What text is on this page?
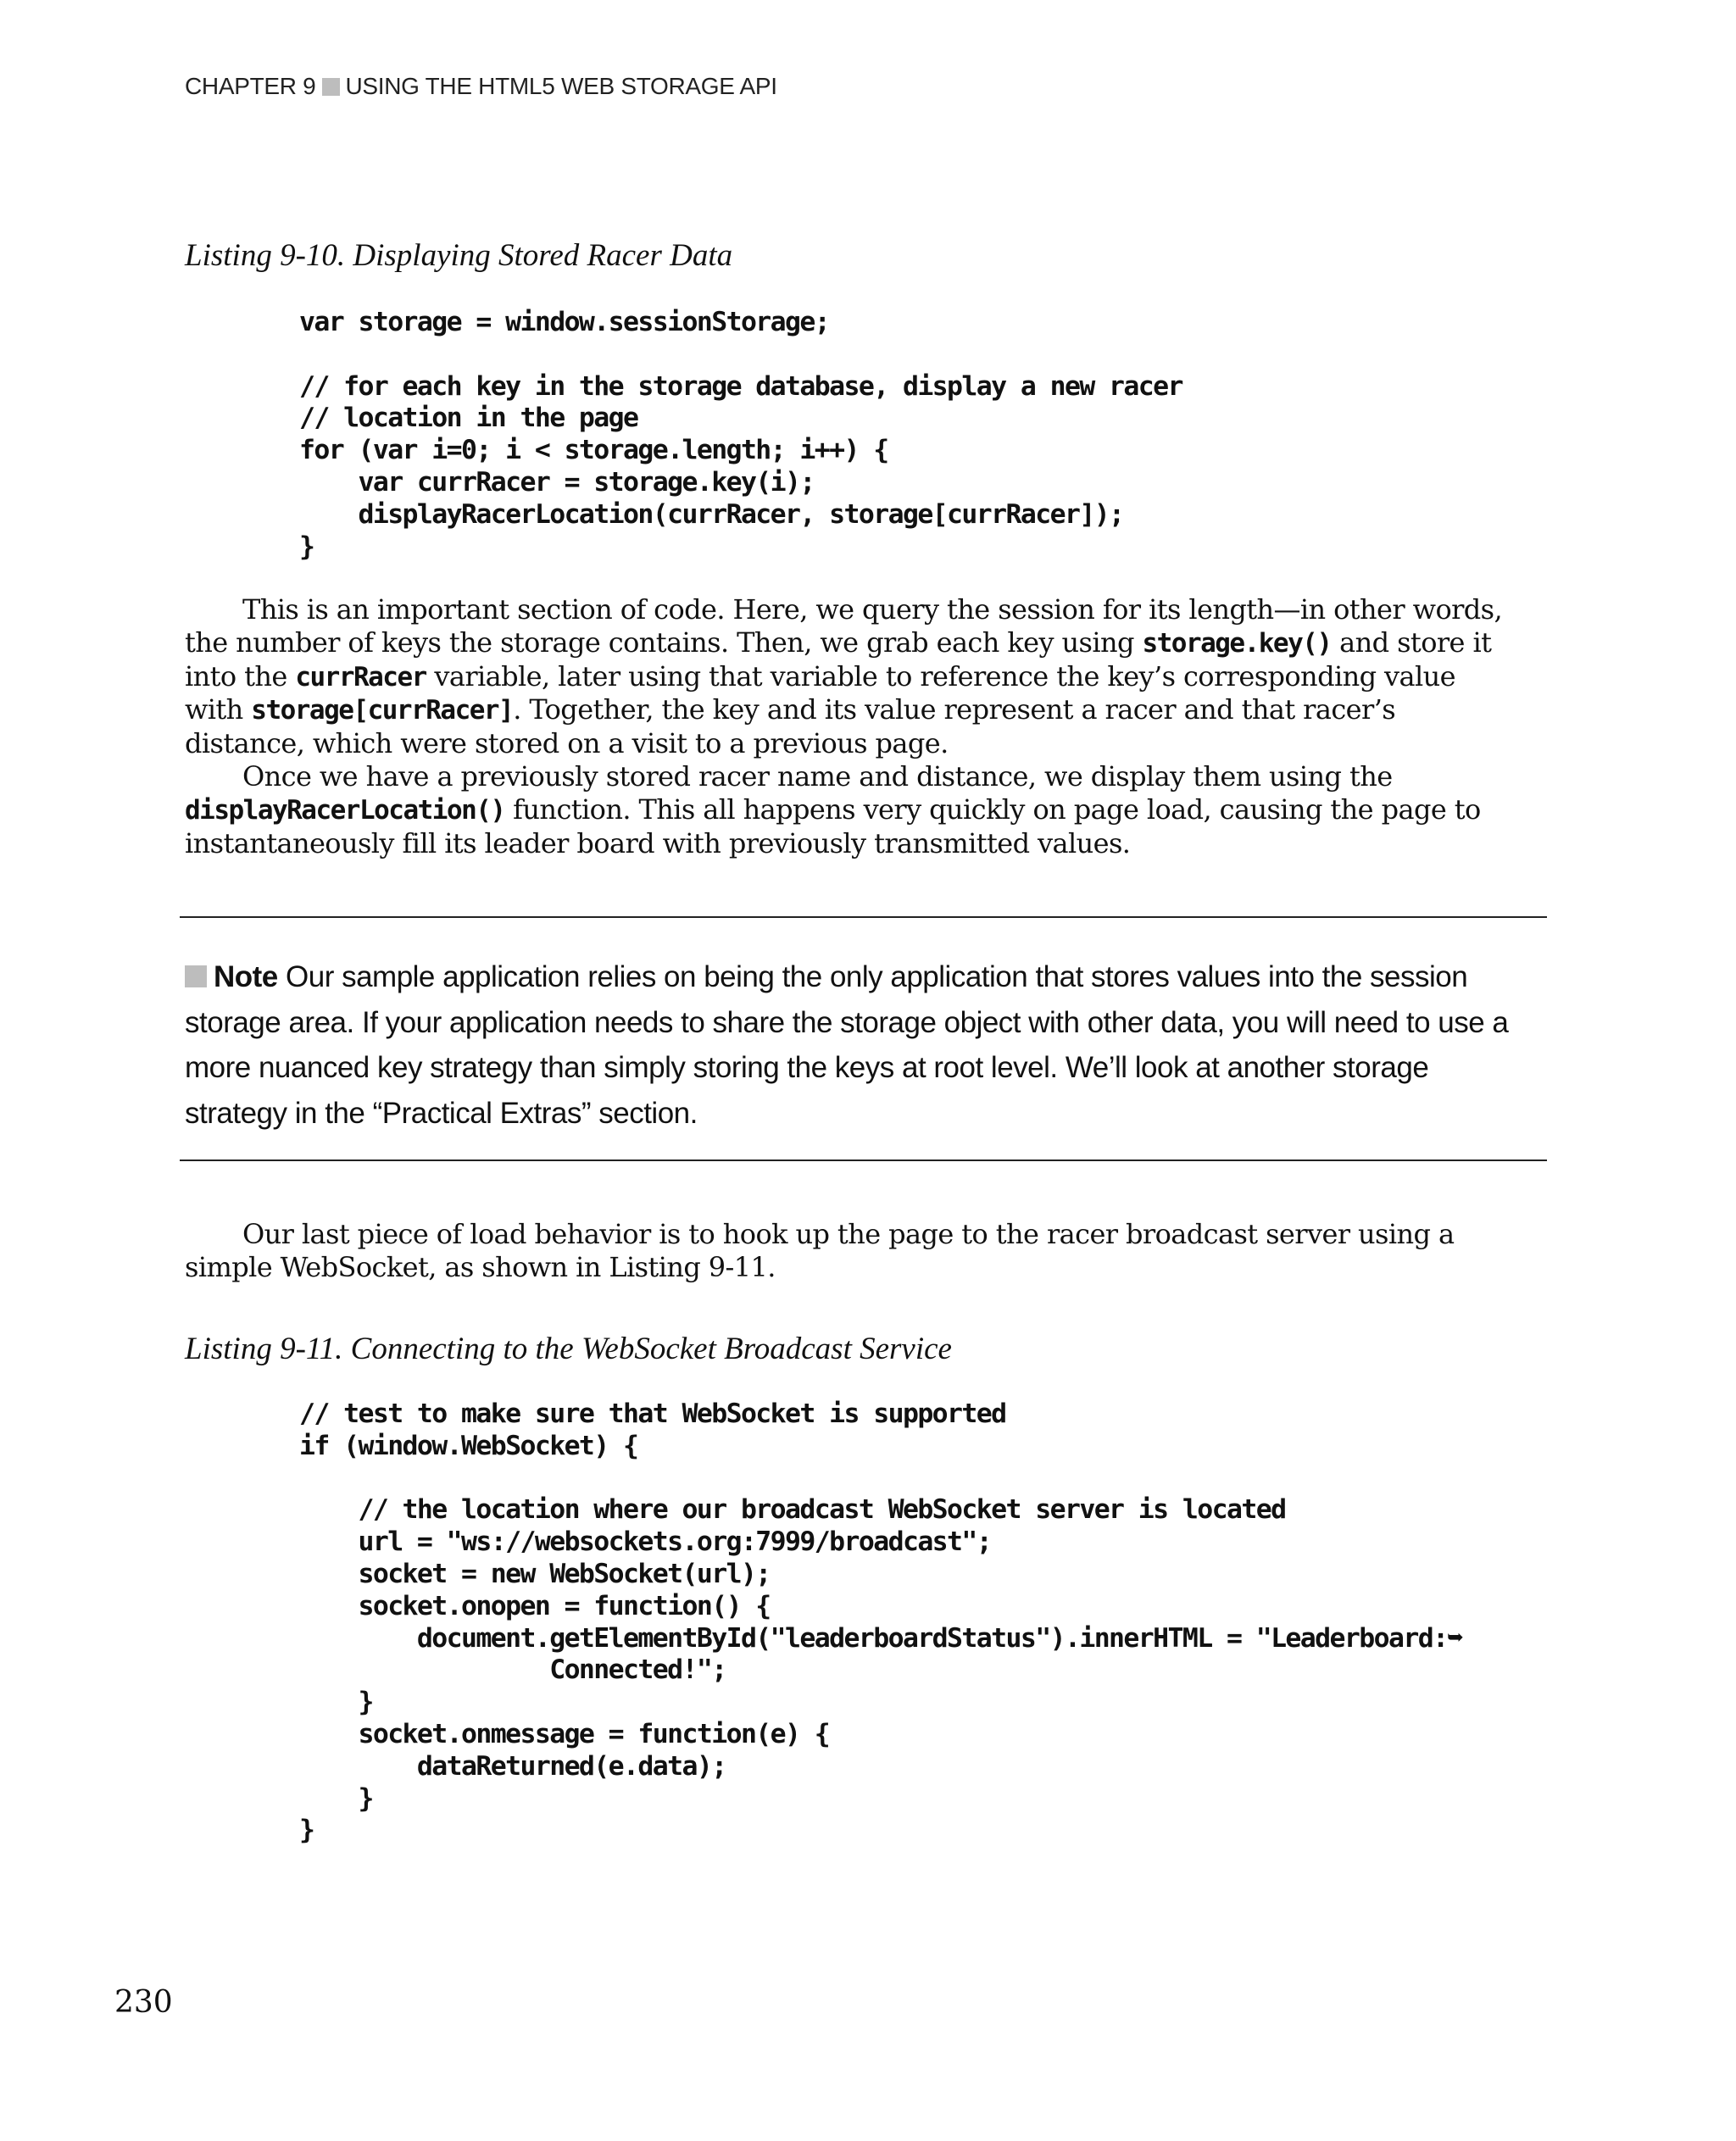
CHAPTER 9 USING THE HTML5 WEB STORAGE API
Listing 9-10. Displaying Stored Racer Data
var storage = window.sessionStorage;

// for each key in the storage database, display a new racer
// location in the page
for (var i=0; i < storage.length; i++) {
var currRacer = storage.key(i);
displayRacerLocation(currRacer, storage[currRacer]);
}

This is an important section of code. Here, we query the session for its length—in other words, the number of keys the storage contains. Then, we grab each key using storage.key() and store it into the currRacer variable, later using that variable to reference the key’s corresponding value with storage[currRacer]. Together, the key and its value represent a racer and that racer’s distance, which were stored on a visit to a previous page.

Once we have a previously stored racer name and distance, we display them using the displayRacerLocation() function. This all happens very quickly on page load, causing the page to instantaneously fill its leader board with previously transmitted values.

Note Our sample application relies on being the only application that stores values into the session storage area. If your application needs to share the storage object with other data, you will need to use a more nuanced key strategy than simply storing the keys at root level. We’ll look at another storage strategy in the “Practical Extras” section.

Our last piece of load behavior is to hook up the page to the racer broadcast server using a simple WebSocket, as shown in Listing 9-11.

Listing 9-11. Connecting to the WebSocket Broadcast Service
// test to make sure that WebSocket is supported
if (window.WebSocket) {

// the location where our broadcast WebSocket server is located
url = "ws://websockets.org:7999/broadcast";
socket = new WebSocket(url);
socket.onopen = function() {
document.getElementById("leaderboardStatus").innerHTML = "Leaderboard:➥
Connected!";
}
socket.onmessage = function(e) {
dataReturned(e.data);
}
}
230
